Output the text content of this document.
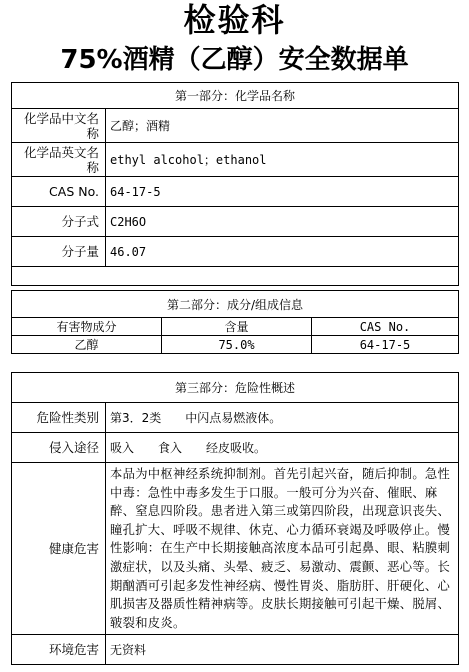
检验科
75%酒精（乙醇）安全数据单
第一部分：化学品名称	
化学品中文名称	乙醇；酒精
化学品英文名称	ethyl alcohol；ethanol
CAS No.	64-17-5
分子式	C2H6O
分子量	46.07

第二部分：成分/组成信息		
有害物成分	含量	CAS No.
乙醇	75.0%	64-17-5
第三部分：危险性概述	
危险性类别	第3．2类　　中闪点易燃液体。
侵入途径	吸入　　食入　　经皮吸收。
健康危害	本品为中枢神经系统抑制剂。首先引起兴奋，随后抑制。急性中毒：急性中毒多发生于口服。一般可分为兴奋、催眠、麻醉、窒息四阶段。患者进入第三或第四阶段，出现意识丧失、瞳孔扩大、呼吸不规律、休克、心力循环衰竭及呼吸停止。慢性影响：在生产中长期接触高浓度本品可引起鼻、眼、粘膜刺激症状，以及头痛、头晕、疲乏、易激动、震颤、恶心等。长期酗酒可引起多发性神经病、慢性胃炎、脂肪肝、肝硬化、心肌损害及器质性精神病等。皮肤长期接触可引起干燥、脱屑、皲裂和皮炎。
环境危害	无资料
